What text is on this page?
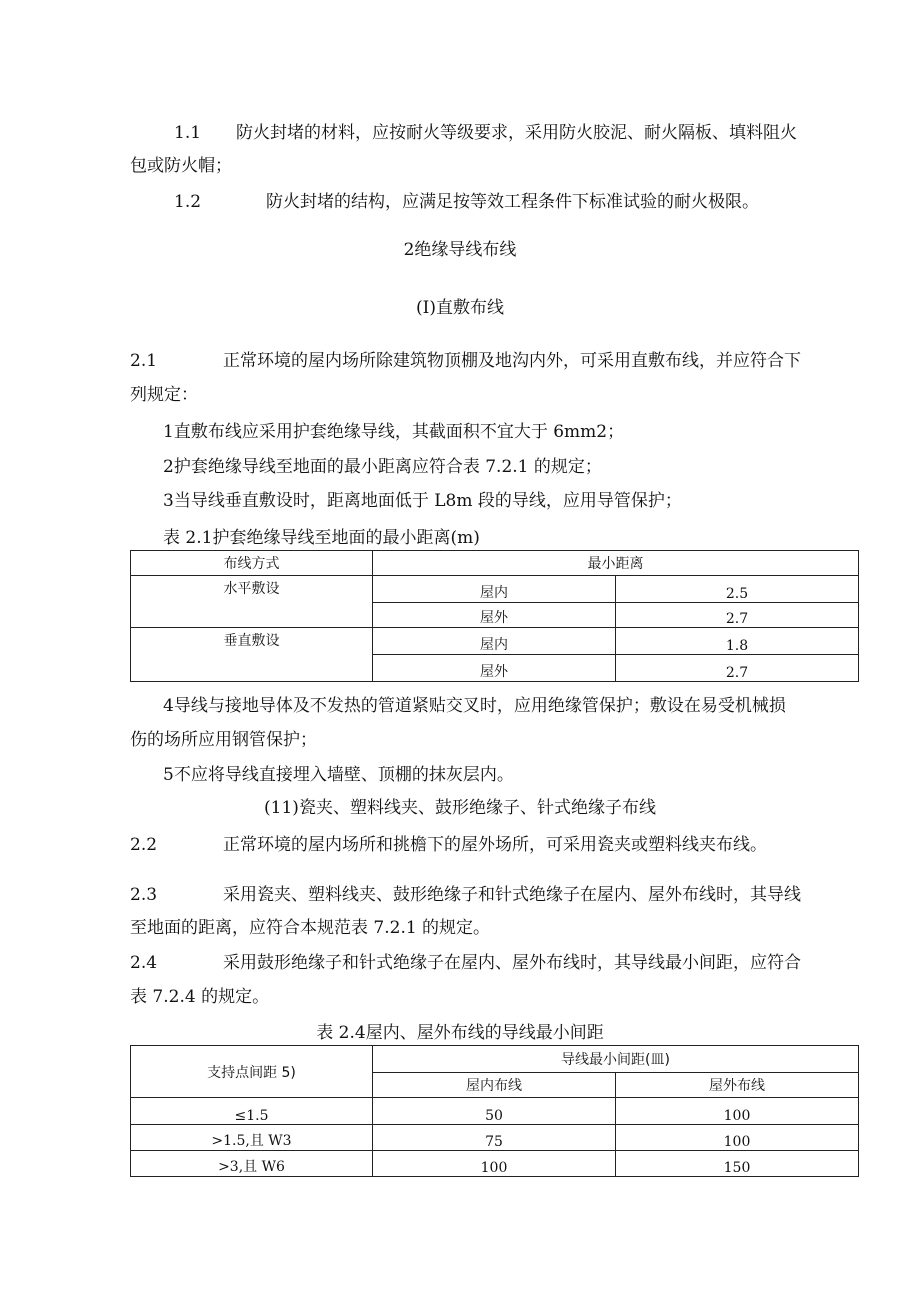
1.1 防火封堵的材料，应按耐火等级要求，采用防火胶泥、耐火隔板、填料阻火
包或防火帽；
1.2	防火封堵的结构，应满足按等效工程条件下标准试验的耐火极限。
2绝缘导线布线
(I)直敷布线
2.1	正常环境的屋内场所除建筑物顶棚及地沟内外，可采用直敷布线，并应符合下
列规定：
1直敷布线应采用护套绝缘导线，其截面积不宜大于 6mm2；
2护套绝缘导线至地面的最小距离应符合表 7.2.1 的规定；
3当导线垂直敷设时，距离地面低于 L8m 段的导线，应用导管保护；
表 2.1护套绝缘导线至地面的最小距离(m)
布线方式	最小距离	
水平敷设	屋内	2.5
	屋外	2.7
垂直敷设	屋内	1.8
	屋外	2.7
4导线与接地导体及不发热的管道紧贴交叉时，应用绝缘管保护；敷设在易受机械损
伤的场所应用钢管保护；
5不应将导线直接埋入墙壁、顶棚的抹灰层内。
(11)瓷夹、塑料线夹、鼓形绝缘子、针式绝缘子布线
2.2	正常环境的屋内场所和挑檐下的屋外场所，可采用瓷夹或塑料线夹布线。
2.3	采用瓷夹、塑料线夹、鼓形绝缘子和针式绝缘子在屋内、屋外布线时，其导线
至地面的距离，应符合本规范表 7.2.1 的规定。
2.4	采用鼓形绝缘子和针式绝缘子在屋内、屋外布线时，其导线最小间距，应符合
表 7.2.4 的规定。
表 2.4屋内、屋外布线的导线最小间距
支持点间距 5)	导线最小间距(皿)	
	屋内布线	屋外布线
≤1.5	50	100
>1.5,且 W3	75	100
>3,且 W6	100	150
